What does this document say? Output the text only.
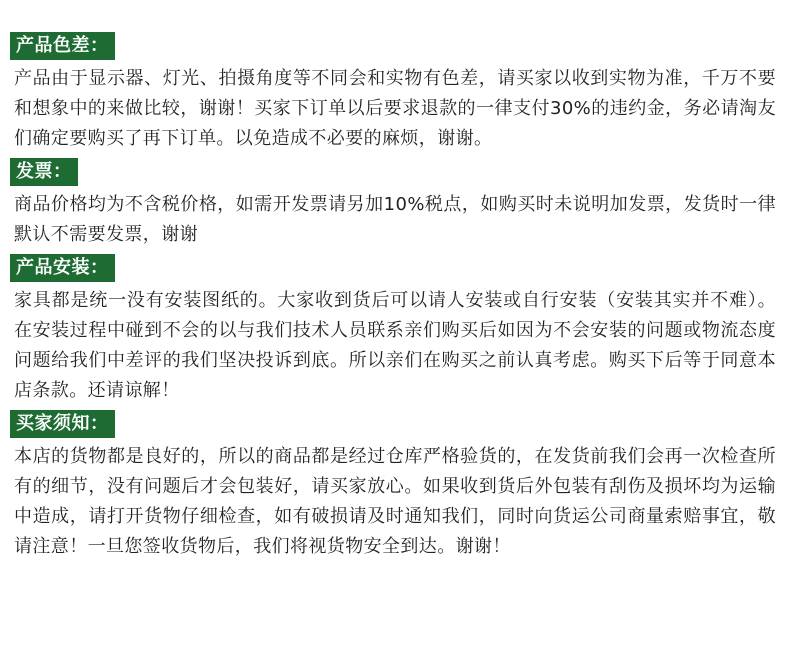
产品色差：

产品由于显示器、灯光、拍摄角度等不同会和实物有色差，请买家以收到实物为准，千万不要和想象中的来做比较，谢谢！买家下订单以后要求退款的一律支付30%的违约金，务必请淘友们确定要购买了再下订单。以免造成不必要的麻烦，谢谢。

发票：

商品价格均为不含税价格，如需开发票请另加10%税点，如购买时未说明加发票，发货时一律默认不需要发票，谢谢

产品安装：

家具都是统一没有安装图纸的。大家收到货后可以请人安装或自行安装（安装其实并不难）。在安装过程中碰到不会的以与我们技术人员联系亲们购买后如因为不会安装的问题或物流态度问题给我们中差评的我们坚决投诉到底。所以亲们在购买之前认真考虑。购买下后等于同意本店条款。还请谅解！

买家须知：

本店的货物都是良好的，所以的商品都是经过仓库严格验货的，在发货前我们会再一次检查所有的细节，没有问题后才会包装好，请买家放心。如果收到货后外包装有刮伤及损坏均为运输中造成，请打开货物仔细检查，如有破损请及时通知我们，同时向货运公司商量索赔事宜，敬请注意！一旦您签收货物后，我们将视货物安全到达。谢谢！
